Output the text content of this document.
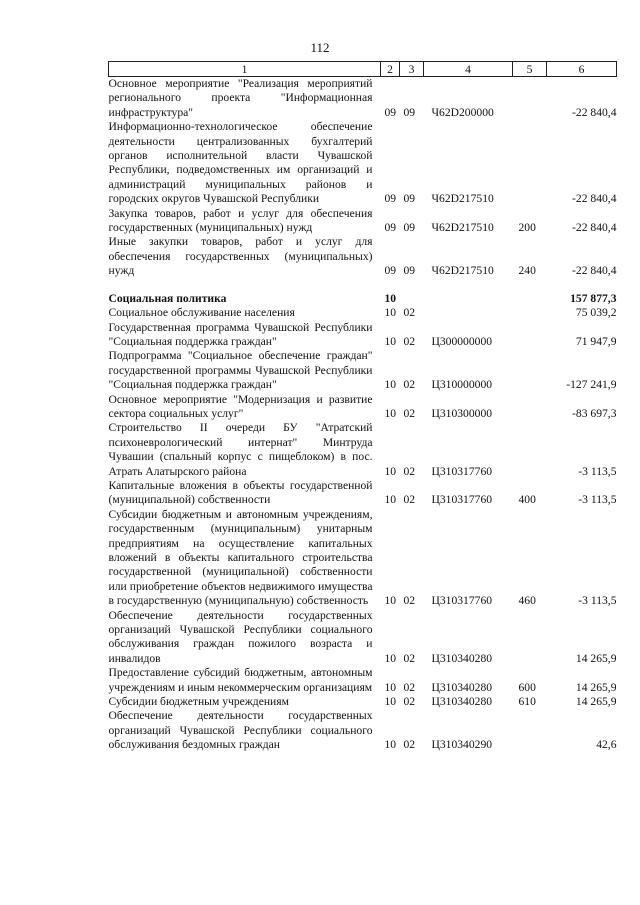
112
1	2	3	4	5	6
Основное мероприятие "Реализация мероприятий регионального проекта "Информационная инфраструктура"	09	09	Ч62D200000		-22 840,4
Информационно-технологическое обеспечение деятельности централизованных бухгалтерий органов исполнительной власти Чувашской Республики, подведомственных им организаций и администраций муниципальных районов и городских округов Чувашской Республики	09	09	Ч62D217510		-22 840,4
Закупка товаров, работ и услуг для обеспечения государственных (муниципальных) нужд	09	09	Ч62D217510	200	-22 840,4
Иные закупки товаров, работ и услуг для обеспечения государственных (муниципальных) нужд	09	09	Ч62D217510	240	-22 840,4

Социальная политика	10				157 877,3
Социальное обслуживание населения	10	02			75 039,2
Государственная программа Чувашской Республики "Социальная поддержка граждан"	10	02	Ц300000000		71 947,9
Подпрограмма "Социальное обеспечение граждан" государственной программы Чувашской Республики "Социальная поддержка граждан"	10	02	Ц310000000		-127 241,9
Основное мероприятие "Модернизация и развитие сектора социальных услуг"	10	02	Ц310300000		-83 697,3
Строительство II очереди БУ "Атратский психоневрологический интернат" Минтруда Чувашии (спальный корпус с пищеблоком) в пос. Атрать Алатырского района	10	02	Ц310317760		-3 113,5
Капитальные вложения в объекты государственной (муниципальной) собственности	10	02	Ц310317760	400	-3 113,5
Субсидии бюджетным и автономным учреждениям, государственным (муниципальным) унитарным предприятиям на осуществление капитальных вложений в объекты капитального строительства государственной (муниципальной) собственности или приобретение объектов недвижимого имущества в государственную (муниципальную) собственность	10	02	Ц310317760	460	-3 113,5
Обеспечение деятельности государственных организаций Чувашской Республики социального обслуживания граждан пожилого возраста и инвалидов	10	02	Ц310340280		14 265,9
Предоставление субсидий бюджетным, автономным учреждениям и иным некоммерческим организациям	10	02	Ц310340280	600	14 265,9
Субсидии бюджетным учреждениям	10	02	Ц310340280	610	14 265,9
Обеспечение деятельности государственных организаций Чувашской Республики социального обслуживания бездомных граждан	10	02	Ц310340290		42,6
